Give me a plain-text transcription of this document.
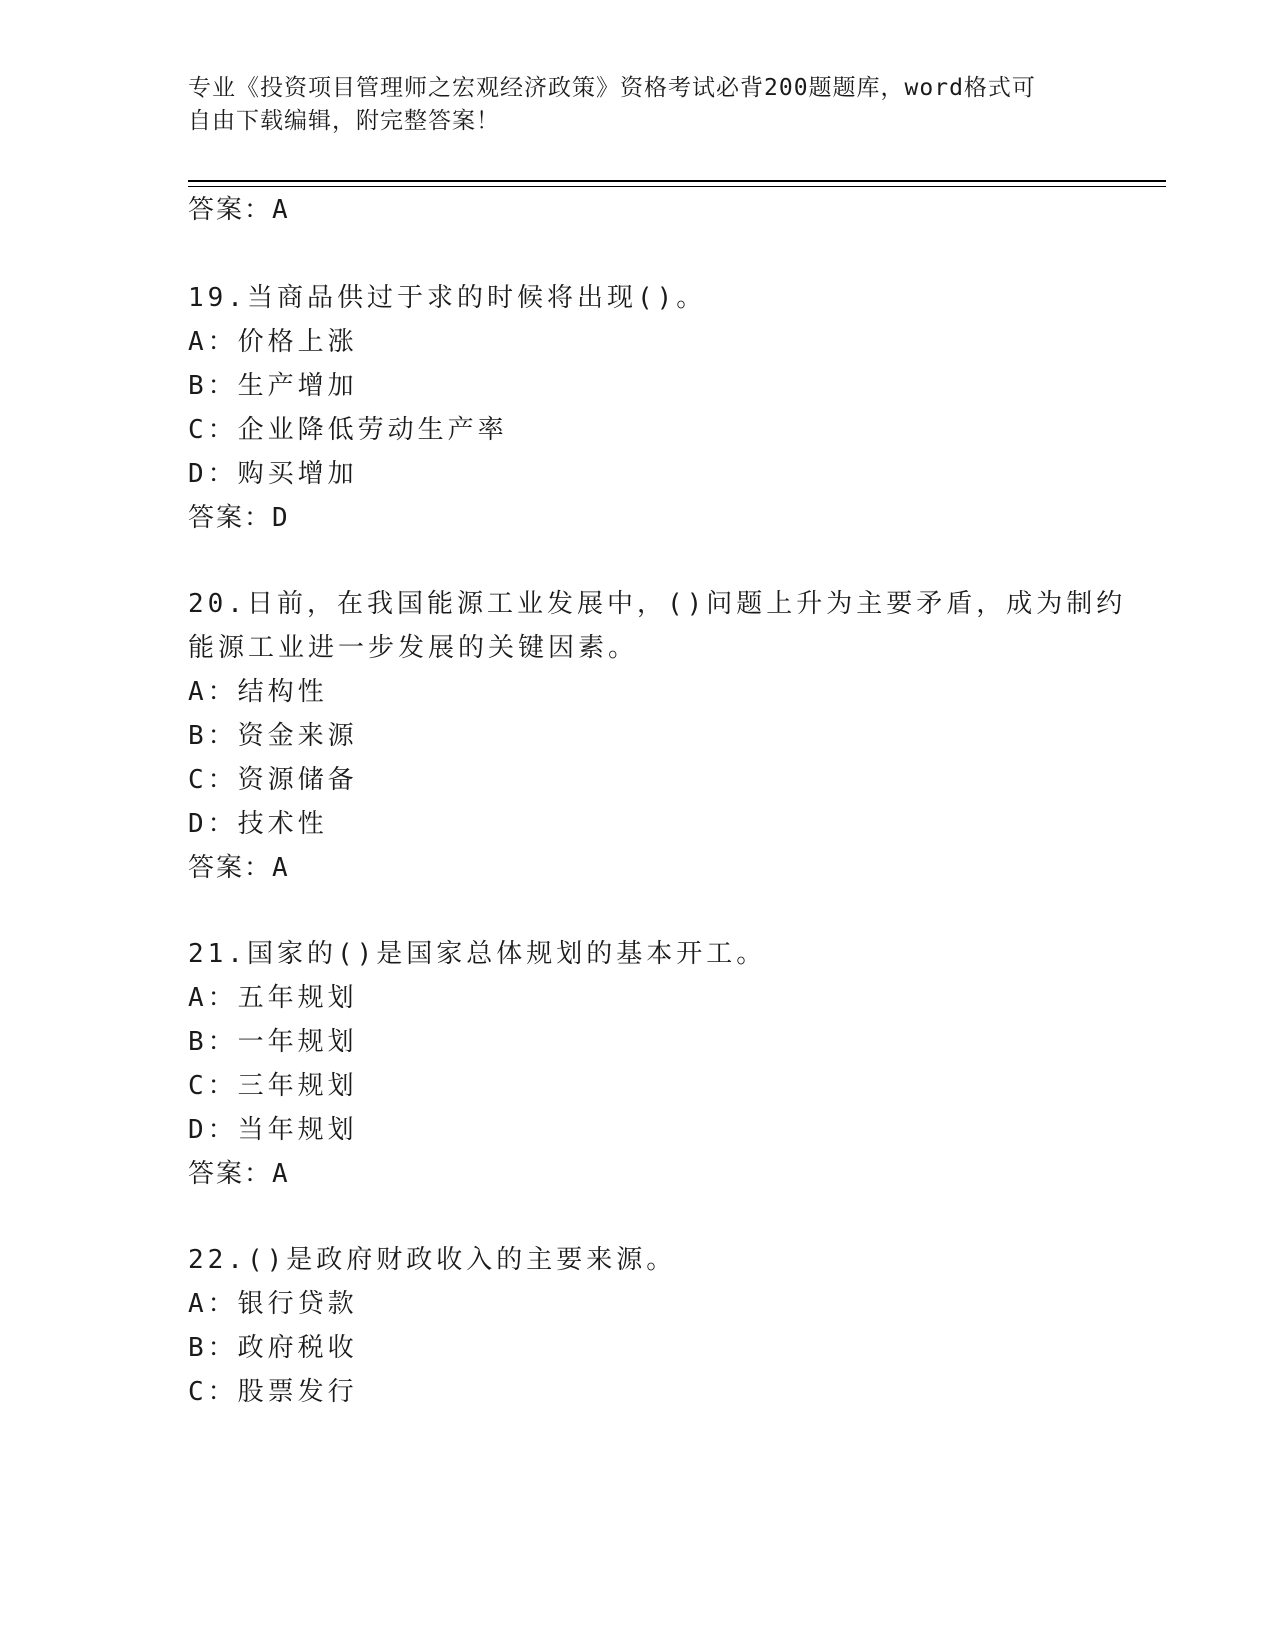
专业《投资项目管理师之宏观经济政策》资格考试必背200题题库，word格式可
自由下载编辑，附完整答案！
答案：A
19.当商品供过于求的时候将出现()。
A：价格上涨
B：生产增加
C：企业降低劳动生产率
D：购买增加
答案：D
20.日前，在我国能源工业发展中，()问题上升为主要矛盾，成为制约
能源工业进一步发展的关键因素。
A：结构性
B：资金来源
C：资源储备
D：技术性
答案：A
21.国家的()是国家总体规划的基本开工。
A：五年规划
B：一年规划
C：三年规划
D：当年规划
答案：A
22.()是政府财政收入的主要来源。
A：银行贷款
B：政府税收
C：股票发行
